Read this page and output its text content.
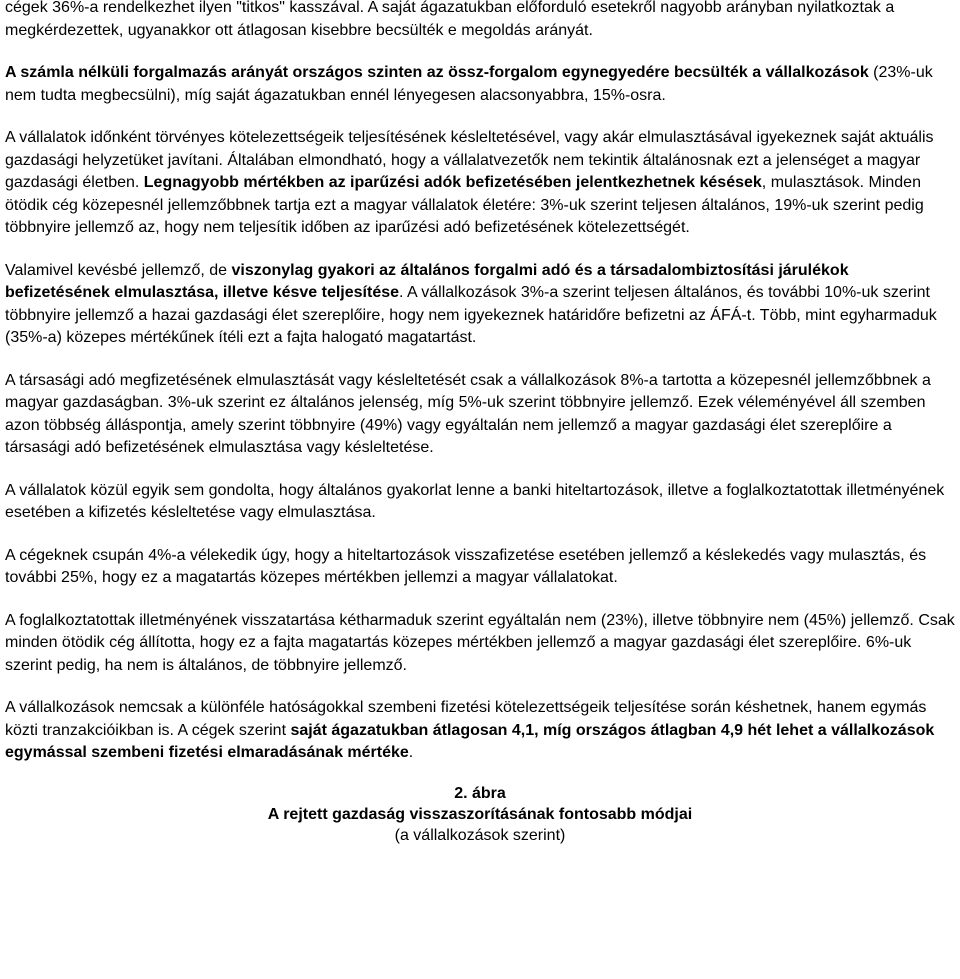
cégek 36%-a rendelkezhet ilyen "titkos" kasszával. A saját ágazatukban előforduló esetekről nagyobb arányban nyilatkoztak a megkérdezettek, ugyanakkor ott átlagosan kisebbre becsülték e megoldás arányát.

A számla nélküli forgalmazás arányát országos szinten az össz-forgalom egynegyedére becsülték a vállalkozások (23%-uk nem tudta megbecsülni), míg saját ágazatukban ennél lényegesen alacsonyabbra, 15%-osra.

A vállalatok időnként törvényes kötelezettségeik teljesítésének késleltetésével, vagy akár elmulasztásával igyekeznek saját aktuális gazdasági helyzetüket javítani. Általában elmondható, hogy a vállalatvezetők nem tekintik általánosnak ezt a jelenséget a magyar gazdasági életben. Legnagyobb mértékben az iparűzési adók befizetésében jelentkezhetnek késések, mulasztások. Minden ötödik cég közepesnél jellemzőbbnek tartja ezt a magyar vállalatok életére: 3%-uk szerint teljesen általános, 19%-uk szerint pedig többnyire jellemző az, hogy nem teljesítik időben az iparűzési adó befizetésének kötelezettségét.

Valamivel kevésbé jellemző, de viszonylag gyakori az általános forgalmi adó és a társadalombiztosítási járulékok befizetésének elmulasztása, illetve késve teljesítése. A vállalkozások 3%-a szerint teljesen általános, és további 10%-uk szerint többnyire jellemző a hazai gazdasági élet szereplőire, hogy nem igyekeznek határidőre befizetni az ÁFÁ-t. Több, mint egyharmaduk (35%-a) közepes mértékűnek ítéli ezt a fajta halogató magatartást.

A társasági adó megfizetésének elmulasztását vagy késleltetését csak a vállalkozások 8%-a tartotta a közepesnél jellemzőbbnek a magyar gazdaságban. 3%-uk szerint ez általános jelenség, míg 5%-uk szerint többnyire jellemző. Ezek véleményével áll szemben azon többség álláspontja, amely szerint többnyire (49%) vagy egyáltalán nem jellemző a magyar gazdasági élet szereplőire a társasági adó befizetésének elmulasztása vagy késleltetése.

A vállalatok közül egyik sem gondolta, hogy általános gyakorlat lenne a banki hiteltartozások, illetve a foglalkoztatottak illetményének esetében a kifizetés késleltetése vagy elmulasztása.

A cégeknek csupán 4%-a vélekedik úgy, hogy a hiteltartozások visszafizetése esetében jellemző a késlekedés vagy mulasztás, és további 25%, hogy ez a magatartás közepes mértékben jellemzi a magyar vállalatokat.

A foglalkoztatottak illetményének visszatartása kétharmaduk szerint egyáltalán nem (23%), illetve többnyire nem (45%) jellemző. Csak minden ötödik cég állította, hogy ez a fajta magatartás közepes mértékben jellemző a magyar gazdasági élet szereplőire. 6%-uk szerint pedig, ha nem is általános, de többnyire jellemző.

A vállalkozások nemcsak a különféle hatóságokkal szembeni fizetési kötelezettségeik teljesítése során késhetnek, hanem egymás közti tranzakcióikban is. A cégek szerint saját ágazatukban átlagosan 4,1, míg országos átlagban 4,9 hét lehet a vállalkozások egymással szembeni fizetési elmaradásának mértéke.

2. ábra
A rejtett gazdaság visszaszorításának fontosabb módjai
(a vállalkozások szerint)
